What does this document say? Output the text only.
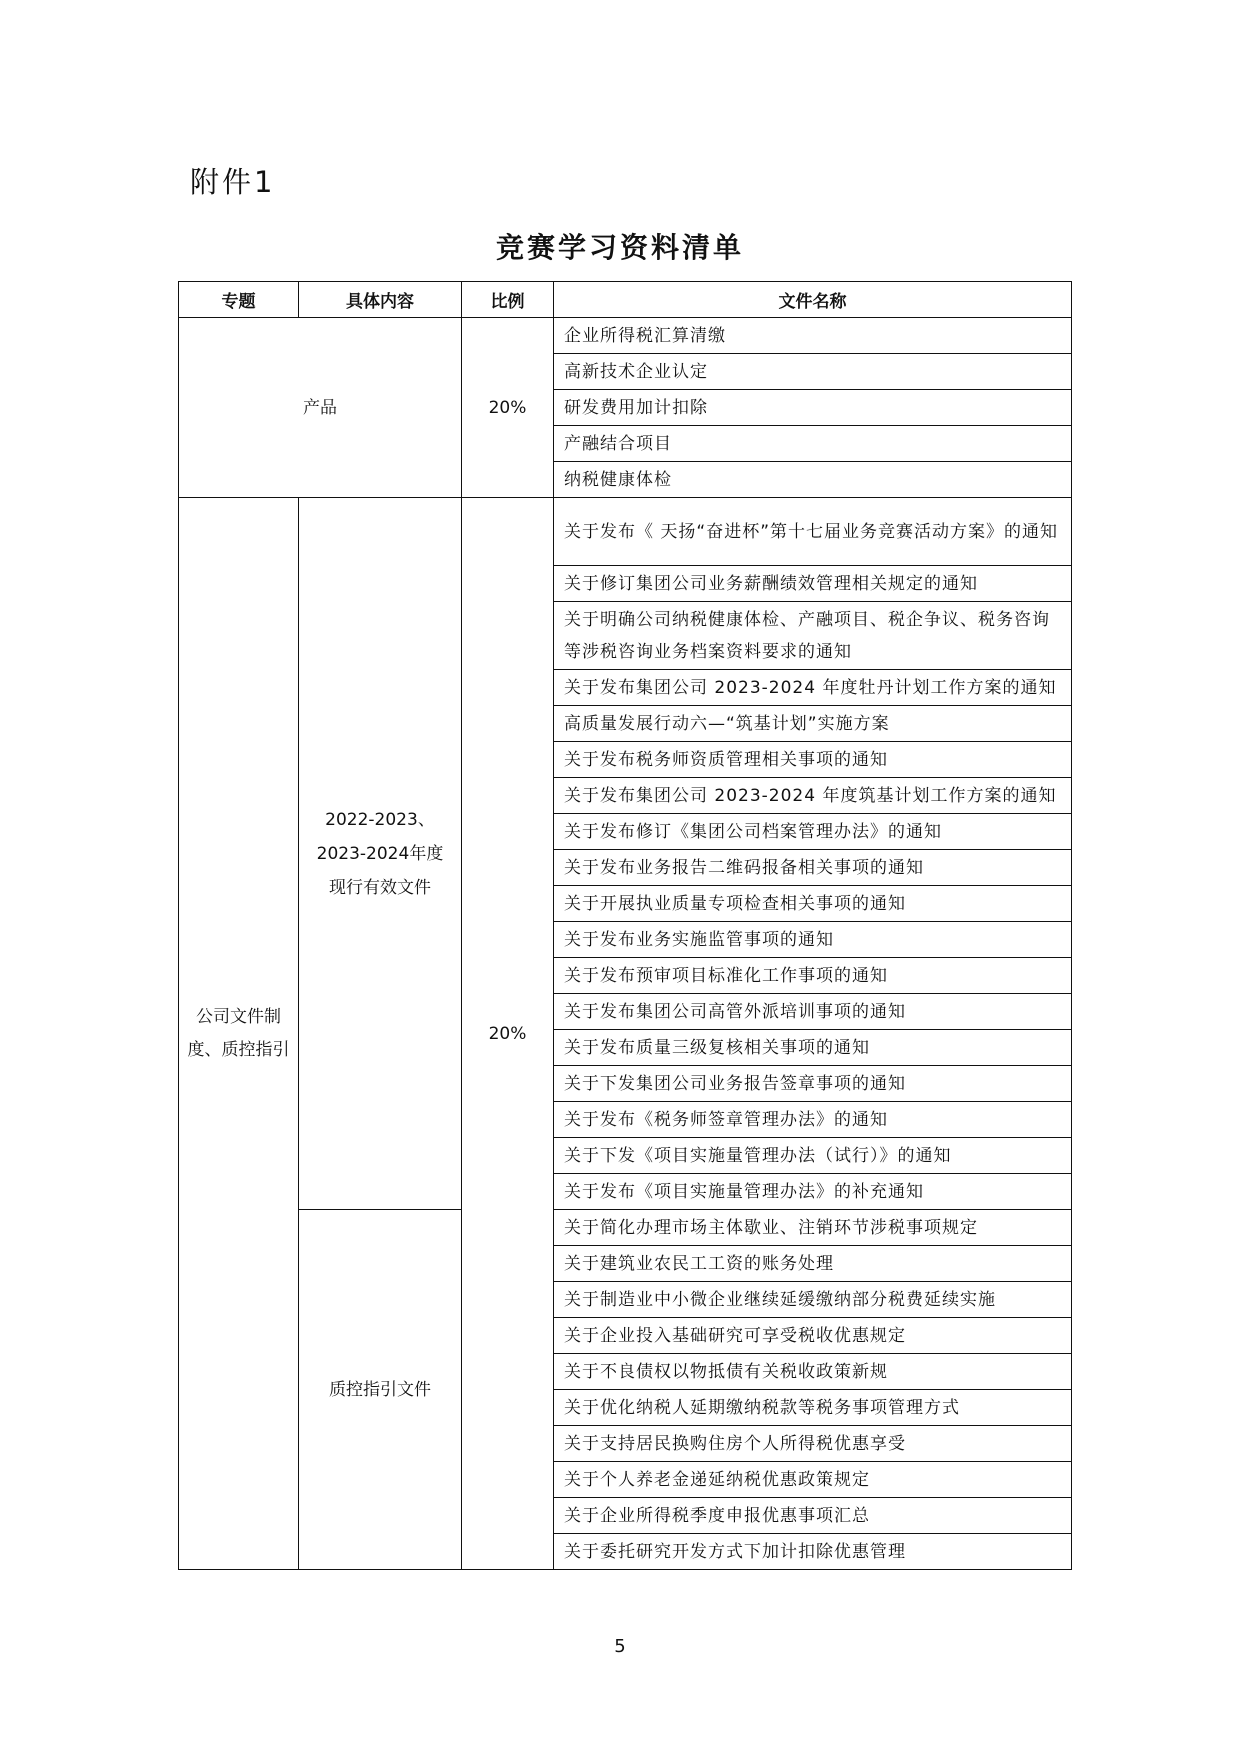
附件1
竞赛学习资料清单
专题	具体内容	比例	文件名称
产品		20%	企业所得税汇算清缴
			高新技术企业认定
			研发费用加计扣除
			产融结合项目
			纳税健康体检
公司文件制度、质控指引	2022-2023、2023-2024年度现行有效文件	20%	关于发布《 天扬“奋进杯”第十七届业务竞赛活动方案》的通知
			关于修订集团公司业务薪酬绩效管理相关规定的通知
			关于明确公司纳税健康体检、产融项目、税企争议、税务咨询等涉税咨询业务档案资料要求的通知
			关于发布集团公司 2023-2024 年度牡丹计划工作方案的通知
			高质量发展行动六—“筑基计划”实施方案
			关于发布税务师资质管理相关事项的通知
			关于发布集团公司 2023-2024 年度筑基计划工作方案的通知
			关于发布修订《集团公司档案管理办法》的通知
			关于发布业务报告二维码报备相关事项的通知
			关于开展执业质量专项检查相关事项的通知
			关于发布业务实施监管事项的通知
			关于发布预审项目标准化工作事项的通知
			关于发布集团公司高管外派培训事项的通知
			关于发布质量三级复核相关事项的通知
			关于下发集团公司业务报告签章事项的通知
			关于发布《税务师签章管理办法》的通知
			关于下发《项目实施量管理办法（试行）》的通知
			关于发布《项目实施量管理办法》的补充通知
	质控指引文件		关于简化办理市场主体歇业、注销环节涉税事项规定
			关于建筑业农民工工资的账务处理
			关于制造业中小微企业继续延缓缴纳部分税费延续实施
			关于企业投入基础研究可享受税收优惠规定
			关于不良债权以物抵债有关税收政策新规
			关于优化纳税人延期缴纳税款等税务事项管理方式
			关于支持居民换购住房个人所得税优惠享受
			关于个人养老金递延纳税优惠政策规定
			关于企业所得税季度申报优惠事项汇总
			关于委托研究开发方式下加计扣除优惠管理
5
